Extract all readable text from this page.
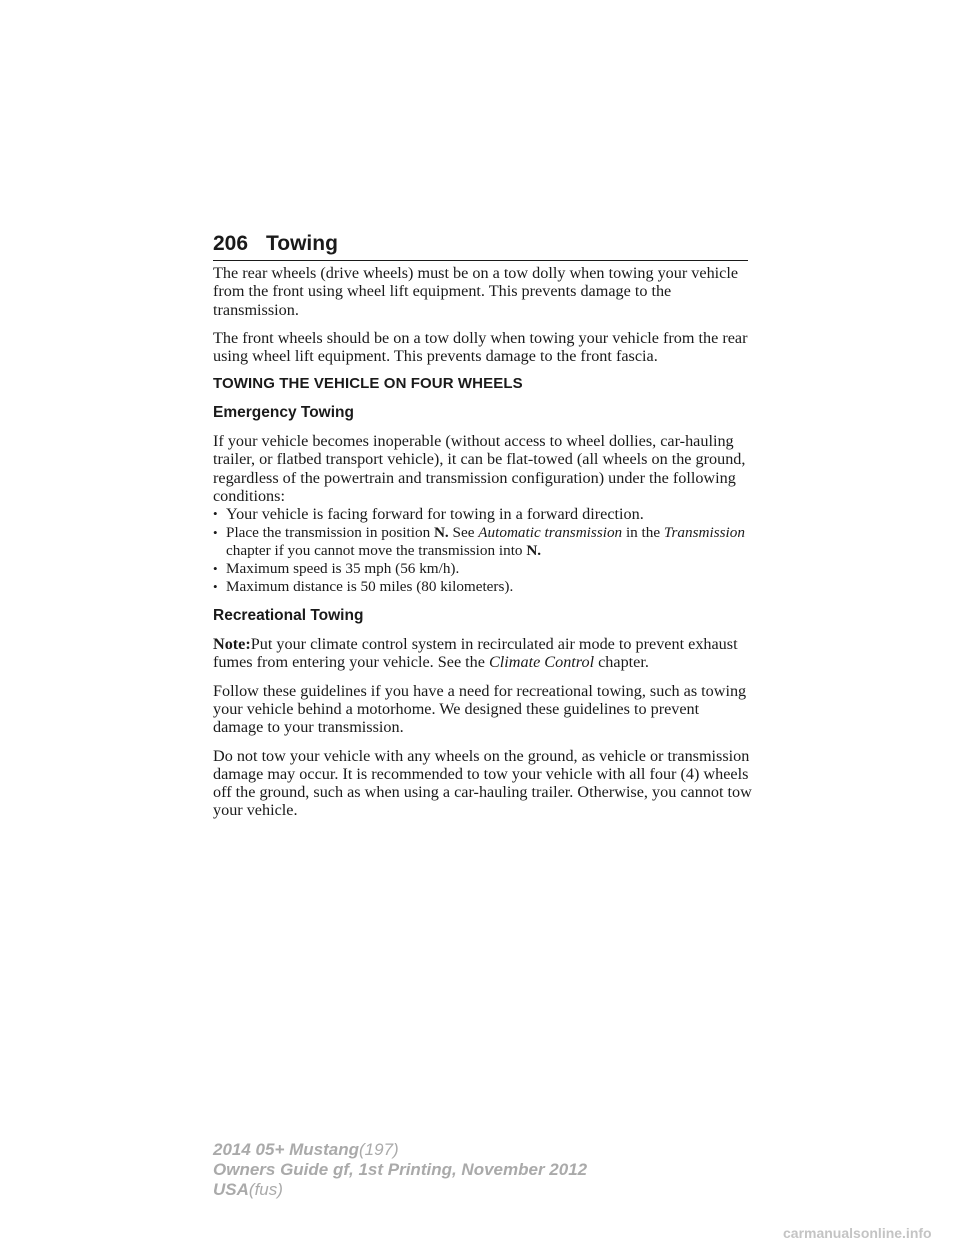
206 Towing

The rear wheels (drive wheels) must be on a tow dolly when towing your vehicle from the front using wheel lift equipment. This prevents damage to the transmission.

The front wheels should be on a tow dolly when towing your vehicle from the rear using wheel lift equipment. This prevents damage to the front fascia.

TOWING THE VEHICLE ON FOUR WHEELS
Emergency Towing

If your vehicle becomes inoperable (without access to wheel dollies, car-hauling trailer, or flatbed transport vehicle), it can be flat-towed (all wheels on the ground, regardless of the powertrain and transmission configuration) under the following conditions:

• Your vehicle is facing forward for towing in a forward direction.
• Place the transmission in position N. See Automatic transmission in the Transmission chapter if you cannot move the transmission into N.
• Maximum speed is 35 mph (56 km/h).
• Maximum distance is 50 miles (80 kilometers).
Recreational Towing

Note:Put your climate control system in recirculated air mode to prevent exhaust fumes from entering your vehicle. See the Climate Control chapter.

Follow these guidelines if you have a need for recreational towing, such as towing your vehicle behind a motorhome. We designed these guidelines to prevent damage to your transmission.

Do not tow your vehicle with any wheels on the ground, as vehicle or transmission damage may occur. It is recommended to tow your vehicle with all four (4) wheels off the ground, such as when using a car-hauling trailer. Otherwise, you cannot tow your vehicle.

2014 05+ Mustang(197)
Owners Guide gf, 1st Printing, November 2012
USA(fus)
carmanualsonline.info
